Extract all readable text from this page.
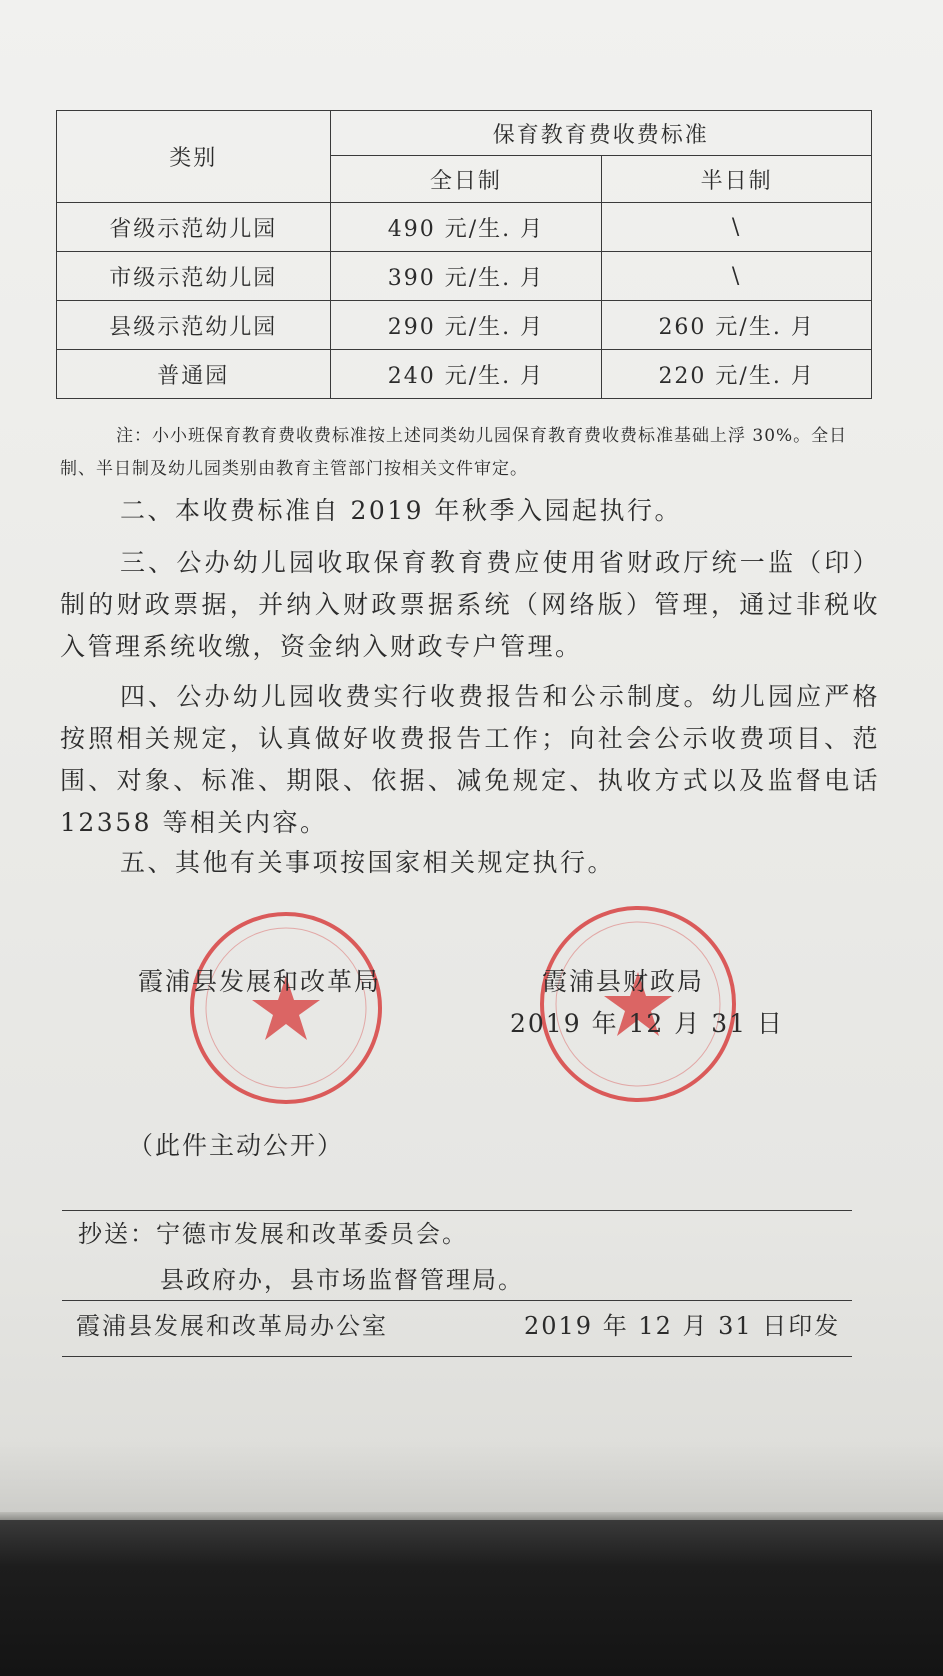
类别	保育教育费收费标准	
	全日制	半日制
省级示范幼儿园	490 元/生. 月	\
市级示范幼儿园	390 元/生. 月	\
县级示范幼儿园	290 元/生. 月	260 元/生. 月
普通园	240 元/生. 月	220 元/生. 月
注：小小班保育教育费收费标准按上述同类幼儿园保育教育费收费标准基础上浮 30%。全日制、半日制及幼儿园类别由教育主管部门按相关文件审定。
二、本收费标准自 2019 年秋季入园起执行。
三、公办幼儿园收取保育教育费应使用省财政厅统一监（印）制的财政票据，并纳入财政票据系统（网络版）管理，通过非税收入管理系统收缴，资金纳入财政专户管理。
四、公办幼儿园收费实行收费报告和公示制度。幼儿园应严格按照相关规定，认真做好收费报告工作；向社会公示收费项目、范围、对象、标准、期限、依据、减免规定、执收方式以及监督电话 12358 等相关内容。
五、其他有关事项按国家相关规定执行。
霞浦县发展和改革局	霞浦县财政局
2019 年 12 月 31 日
（此件主动公开）
抄送：宁德市发展和改革委员会。
县政府办，县市场监督管理局。
霞浦县发展和改革局办公室	2019 年 12 月 31 日印发
